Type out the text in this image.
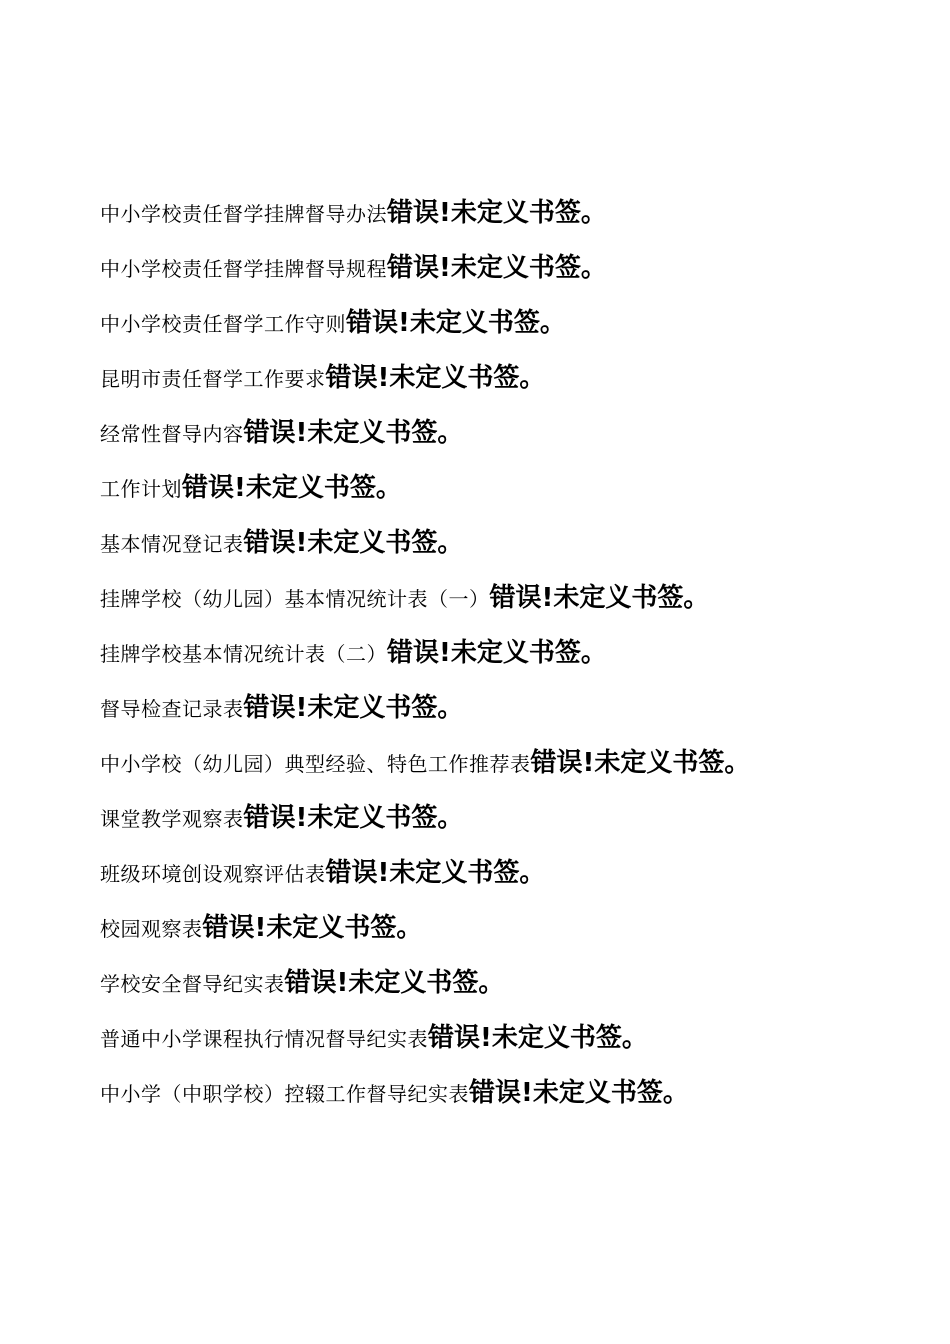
中小学校责任督学挂牌督导办法 错误!未定义书签。
中小学校责任督学挂牌督导规程 错误!未定义书签。
中小学校责任督学工作守则 错误!未定义书签。
昆明市责任督学工作要求 错误!未定义书签。
经常性督导内容 错误!未定义书签。
工作计划 错误!未定义书签。
基本情况登记表 错误!未定义书签。
挂牌学校（幼儿园）基本情况统计表（一） 错误!未定义书签。
挂牌学校基本情况统计表（二） 错误!未定义书签。
督导检查记录表 错误!未定义书签。
中小学校（幼儿园）典型经验、特色工作推荐表 错误!未定义书签。
课堂教学观察表 错误!未定义书签。
班级环境创设观察评估表 错误!未定义书签。
校园观察表 错误!未定义书签。
学校安全督导纪实表 错误!未定义书签。
普通中小学课程执行情况督导纪实表 错误!未定义书签。
中小学（中职学校）控辍工作督导纪实表 错误!未定义书签。
